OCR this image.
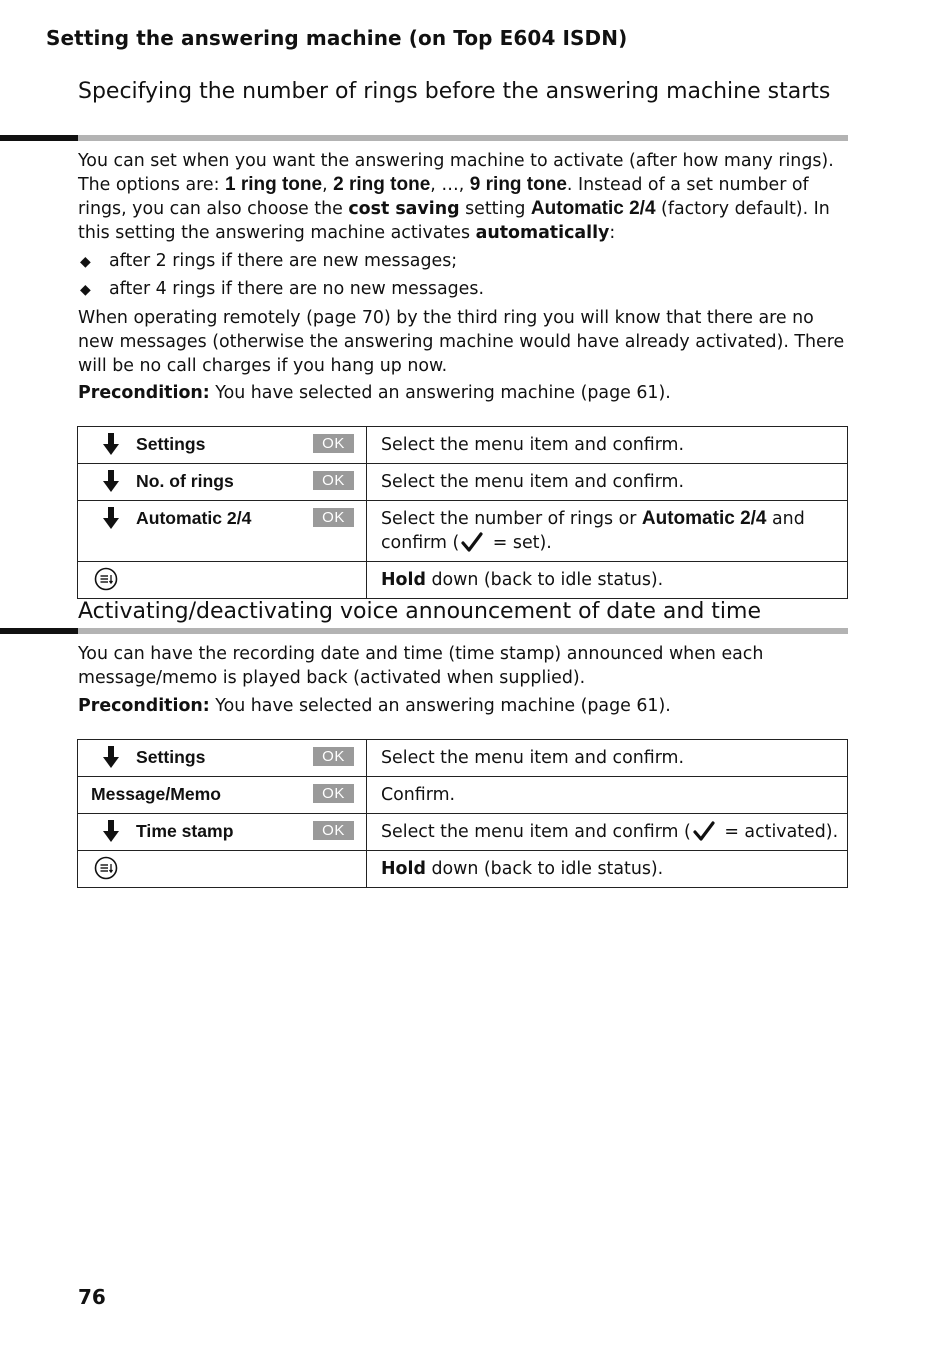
Setting the answering machine (on Top E604 ISDN)
Specifying the number of rings before the answering machine starts
You can set when you want the answering machine to activate (after how many rings). The options are: 1 ring tone, 2 ring tone, …, 9 ring tone. Instead of a set number of rings, you can also choose the cost saving setting Automatic 2/4 (factory default). In this setting the answering machine activates automatically:
◆ after 2 rings if there are new messages;
◆ after 4 rings if there are no new messages.
When operating remotely (page 70) by the third ring you will know that there are no new messages (otherwise the answering machine would have already activated). There will be no call charges if you hang up now.
Precondition: You have selected an answering machine (page 61).
Settings OK	Select the menu item and confirm.

No. of rings OK	Select the menu item and confirm.

Automatic 2/4 OK	Select the number of rings or Automatic 2/4 and confirm ( = set).

	Hold down (back to idle status).
Activating/deactivating voice announcement of date and time
You can have the recording date and time (time stamp) announced when each message/memo is played back (activated when supplied).
Precondition: You have selected an answering machine (page 61).
Settings OK	Select the menu item and confirm.

Message/Memo OK	Confirm.

Time stamp OK	Select the menu item and confirm ( = activated).

	Hold down (back to idle status).
76
